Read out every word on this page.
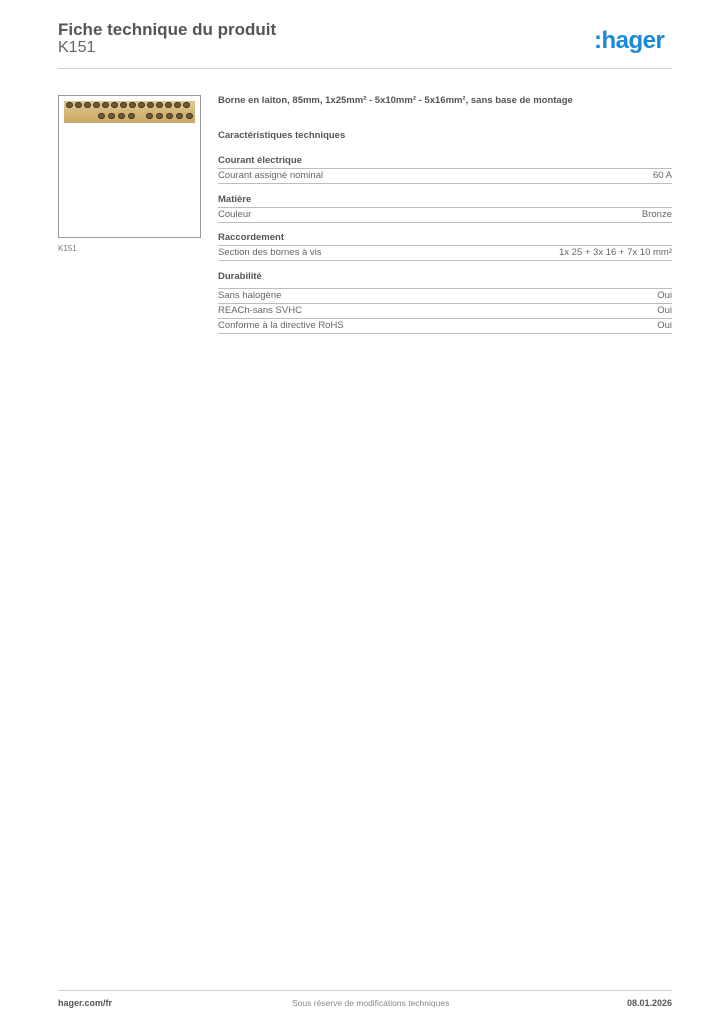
Fiche technique du produit
K151	:hager
K151
Borne en laiton, 85mm, 1x25mm² - 5x10mm² - 5x16mm², sans base de montage
Caractéristiques techniques
Courant électrique
Courant assigné nominal	60 A
Matière
Couleur	Bronze
Raccordement
Section des bornes à vis	1x 25 + 3x 16 + 7x 10 mm²
Durabilité
Sans halogène	Oui
REACh-sans SVHC	Oui
Conforme à la directive RoHS	Oui
hager.com/fr	Sous réserve de modifications techniques	08.01.2026
